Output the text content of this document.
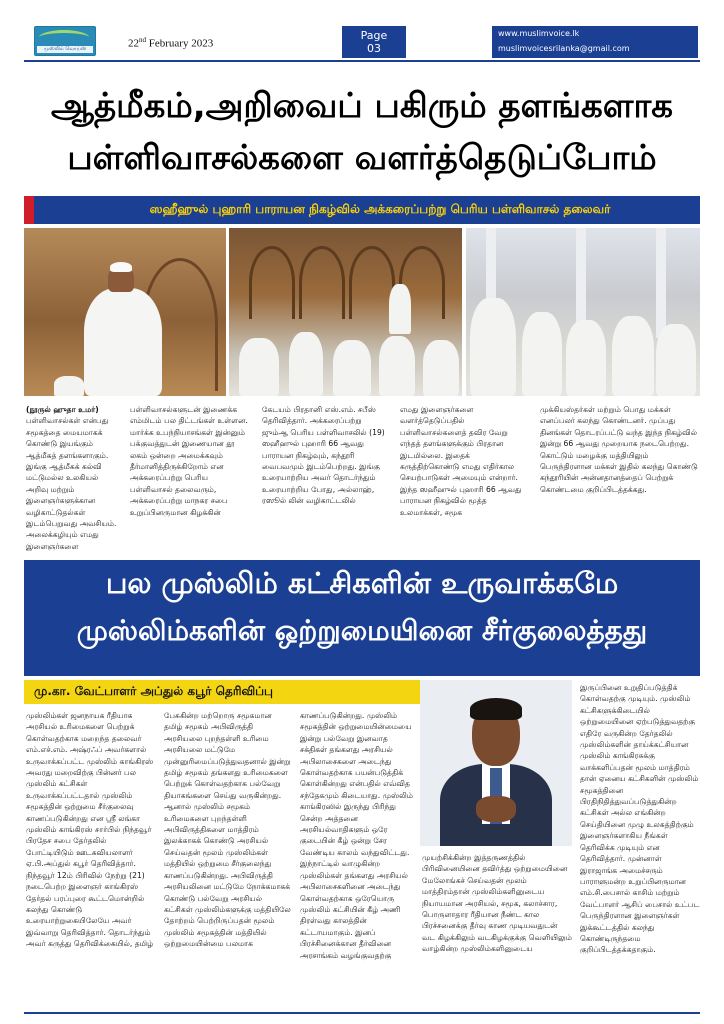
முஸ்லிம் வொய்ஸ்	22nd February 2023
Page
03
www.muslimvoice.lk
muslimvoicesrilanka@gmail.com
ஆத்மீகம்,அறிவைப் பகிரும் தளங்களாக
பள்ளிவாசல்களை வளர்த்தெடுப்போம்
ஸஹீஹுல் புஹாரி பாராயன நிகழ்வில் அக்கரைப்பற்று பெரிய பள்ளிவாசல் தலைவர்

(நூருல் ஹுதா உமர்)

பள்ளிவாசல்கள் என்பது சமூகத்தை மையமாகக் கொண்டு இயங்கும் ஆத்மீகத் தளங்களாகும். இங்கு ஆத்மீகக் கல்வி மட்டுமல்ல உலகியல் அறிவு மற்றும் இளைஞர்களுக்கான வழிகாட்டுதல்கள் இடம்பெறுவது அவசியம். அலைக்கழியும் எமது இளைஞர்களை

பள்ளிவாசல்களுடன் இணைக்க எம்மிடம் பல திட்டங்கள் உள்ளன. மார்க்க உபந்நியாசங்கள் இன்னும் பக்குவத்துடன் இணையான தூ லகம் ஒன்றை அமைக்கவும் தீர்மானித்திருக்கிறோம் என அக்கரைப்பற்று பெரிய பள்ளிவாசல் தலைவரும், அக்கரைப்பற்று மாநகர சபை உறுப்பினருமான கிழக்கின்

கேடயம் பிரதானி எஸ்.எம். சபீஸ் தெரிவித்தார். அக்கரைப்பற்று ஜும்ஆ பெரிய பள்ளிவாசலில் (19) ஸஹீஹுல் புஹாரி 66 ஆவது பாராயன நிகழ்வும், கந்தூரி வைபவமும் இடம்பெற்றது. இங்கு உரையாற்றிய அவர் தொடர்ந்தும் உரையாற்றிய போது, அல்லாஹ், ரஸூல் லின் வழிகாட்டலில்

எமது இளைஞர்களை வளர்த்தெடுப்பதில் பள்ளிவாசல்களைத் தவிர வேறு எந்தத் தளங்களுக்கும் பிரதான இடமில்லை. இதைக் கருத்திற்கொண்டு எமது எதிர்கால செயற்பாடுகள் அமையும் என்றார். இந்த ஸஹீஹுல் புஹாரி 66 ஆவது பாராயன நிகழ்வில் மூத்த உலமாக்கள், சமூக

முக்கியஸ்தர்கள் மற்றும் பொது மக்கள் எனப்பலர் கலந்து கொண்டனர். முப்பது தினங்கள் தொடரப்பட்டு வந்த இந்த நிகழ்வில் இன்று 66 ஆவது முறையாக நடைபெற்றது. கொட்டும் மழைக்கு மத்தியிலும் பெருந்திரளான மக்கள் இதில் கலந்து கொண்டு கந்தூரியின் அன்னதானத்தைப் பெற்றுக் கொண்டமை குறிப்பிடத்தக்கது.

பல முஸ்லிம் கட்சிகளின் உருவாக்கமே
முஸ்லிம்களின் ஒற்றுமையினை சீர்குலைத்தது
மு.கா. வேட்பாளர் அப்துல் கபூர் தெரிவிப்பு

முஸ்லிம்கள் ஜனநாயக ரீதியாக அரசியல் உரிமைகளை பெற்றுக் கொள்வதற்காக மறைந்த தலைவர் எம்.எச்.எம். அஷ்ரஃப் அவர்களால் உருவாக்கப்பட்ட முஸ்லிம் காங்கிரஸ் அவரது மறைவிற்கு பின்னர் பல முஸ்லிம் கட்சிகள் உருவாக்கப்பட்டதால் முஸ்லிம் சமூகத்தின் ஒற்றுமை சீர்குலைவு காணப்படுகின்றது என ஸ்ரீ லங்கா முஸ்லிம் காங்கிரஸ் சார்பில் நிந்தவூர் பிரதேச சபை தேர்தலில் போட்டியிடும் ஊடகவியலாளர் ஏ.பி.அப்துல் கபூர் தெரிவித்தார். நிந்தவூர் 12ம் பிரிவில் நேற்று (21) நடைபெற்ற இளைஞர் காங்கிரஸ் தேர்தல் பரப்புரை கூட்டமொன்றில் கலந்து கொண்டு உரையாற்றுகையிலேயே அவர் இவ்வாறு தெரிவித்தார். தொடர்ந்தும் அவர் கருத்து தெரிவிக்கையில், தமிழ்

பேசுகின்ற மற்றொரு சமூகமான தமிழ் சமூகம் அபிவிருத்தி அரசியலை புறந்தள்ளி உரிமை அரசியலை மட்டுமே முன்னுரிமைப்படுத்துவதனால் இன்று தமிழ் சமூகம் தங்களது உரிமைகளை பெற்றுக் கொள்வதற்காக பல்வேறு தியாகங்களை செய்து வருகின்றது. ஆனால் முஸ்லிம் சமூகம் உரிமைகளை புறந்தள்ளி அபிவிருத்திகளை மாத்திரம் இலக்காகக் கொண்டு அரசியல் செய்வதன் மூலம் முஸ்லிம்கள் மத்தியில் ஒற்றுமை சீர்குலைந்து காணப்படுகின்றது. அபிவிருத்தி அரசியலினை மட்டுமே நோக்கமாகக் கொண்டு பல்வேறு அரசியல் கட்சிகள் முஸ்லிம்களுக்கு மத்தியிலே தோற்றம் பெற்றிருப்பதன் மூலம் முஸ்லிம் சமூகத்தின் மத்தியில் ஒற்றுமையின்மை பலமாக

காணப்படுகின்றது. முஸ்லிம் சமூகத்தின் ஒற்றுமையின்மையை இன்று பல்வேறு இனவாத சக்திகள் தங்களது அரசியல் அபிலாசைகளை அடைந்து கொள்வதற்காக பயன்படுத்திக் கொள்கின்றது என்பதில் எவ்வித சந்தேகமும் கிடையாது. முஸ்லிம் காங்கிரஸில் இருந்து பிரிந்து சென்ற அத்தனை அரசியல்வாதிகளும் ஒரே குடையின் கீழ் ஒன்று சேர வேண்டிய காலம் வந்துவிட்டது. இந்நாட்டில் வாழுகின்ற முஸ்லிம்கள் தங்களது அரசியல் அபிலாசைகளினை அடைந்து கொள்வதற்காக ஒரேயொரு முஸ்லிம் கட்சியின் கீழ் அணி திரள்வது காலத்தின் கட்டாயமாகும். இனப் பிரச்சினைக்கான தீர்வினை அரசாங்கம் வழங்குவதற்கு

முயற்சிக்கின்ற இத்தருணத்தில் பிரிவினையினை தவிர்த்து ஒற்றுமையினை மேலோங்கச் செய்வதன் மூலம் மாத்திரம்தான் முஸ்லிம்களினுடைய நியாயமான அரசியல், சமூக, கலாச்சார, பொருளாதார ரீதியான நீண்ட கால பிரச்சனைக்கு தீர்வு காண முடியவதுடன் வட கிழக்கிலும் வடகிழக்குக்கு வெளியிலும் வாழ்கின்ற முஸ்லிம்களினுடைய

இருப்பினை உறுதிப்படுத்திக் கொள்வதற்கு முடியும். முஸ்லிம் கட்சிகளுக்கிடையில் ஒற்றுமையினை ஏற்படுத்துவதற்கு எதிரே வருகின்ற தேர்தலில் முஸ்லிம்களின் தாய்க்கட்சியான முஸ்லிம் காங்கிரசுக்கு வாக்களிப்பதன் மூலம் மாத்திரம் தான் ஏனைய கட்சிகளின் முஸ்லிம் சமூகத்தினை பிரதிநிதித்துவப்படுத்துகின்ற கட்சிகள் அல்ல எங்கின்ற செய்தியினை முழு உலகத்திற்கும் இளைஞர்களாகிய நீங்கள் தெரிவிக்க முடியும் என தெரிவித்தார். முன்னாள் இராஜாங்க அமைச்சரும் பாராளுமன்ற உறுப்பினருமான எம்.சி.பைசால் காசிம் மற்றும் வேட்பாளர் ஆசிப் பைசால் உட்பட பெருந்திரளான இளைஞர்கள் இக்கூட்டத்தில் கலந்து கொண்டிருந்தமை குறிப்பிடத்தக்கதாகும்.
